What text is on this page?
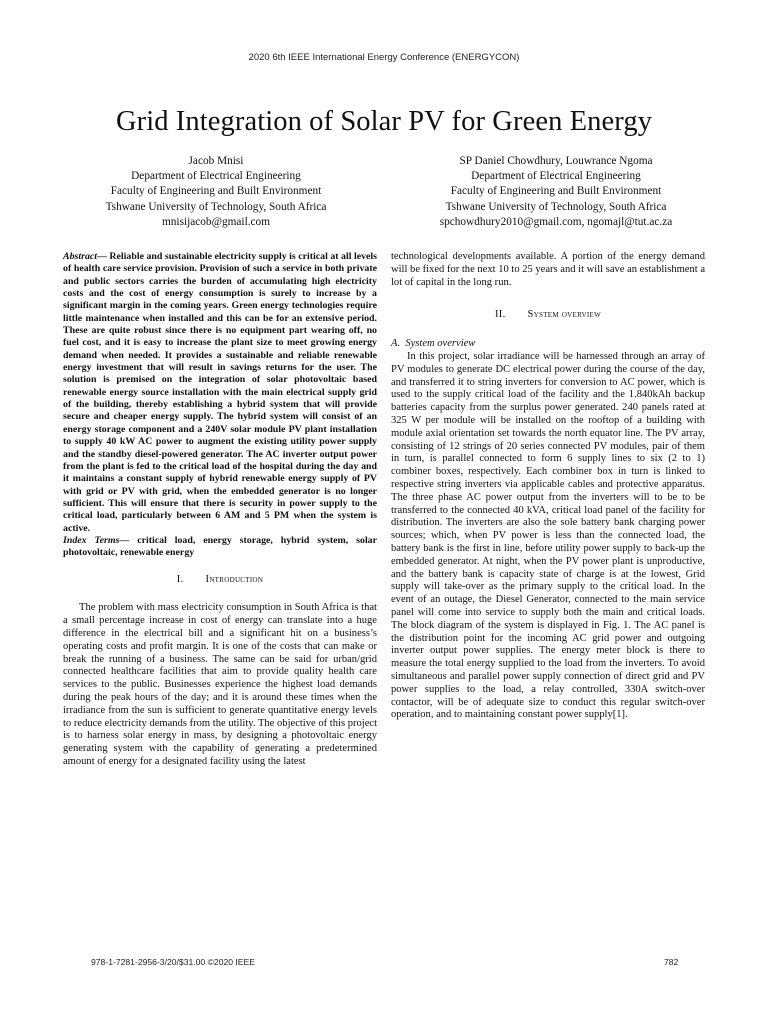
2020 6th IEEE International Energy Conference (ENERGYCON)
Grid Integration of Solar PV for Green Energy
Jacob Mnisi
Department of Electrical Engineering
Faculty of Engineering and Built Environment
Tshwane University of Technology, South Africa
mnisijacob@gmail.com
SP Daniel Chowdhury, Louwrance Ngoma
Department of Electrical Engineering
Faculty of Engineering and Built Environment
Tshwane University of Technology, South Africa
spchowdhury2010@gmail.com, ngomajl@tut.ac.za
Abstract— Reliable and sustainable electricity supply is critical at all levels of health care service provision. Provision of such a service in both private and public sectors carries the burden of accumulating high electricity costs and the cost of energy consumption is surely to increase by a significant margin in the coming years. Green energy technologies require little maintenance when installed and this can be for an extensive period. These are quite robust since there is no equipment part wearing off, no fuel cost, and it is easy to increase the plant size to meet growing energy demand when needed. It provides a sustainable and reliable renewable energy investment that will result in savings returns for the user. The solution is premised on the integration of solar photovoltaic based renewable energy source installation with the main electrical supply grid of the building, thereby establishing a hybrid system that will provide secure and cheaper energy supply. The hybrid system will consist of an energy storage component and a 240V solar module PV plant installation to supply 40 kW AC power to augment the existing utility power supply and the standby diesel-powered generator. The AC inverter output power from the plant is fed to the critical load of the hospital during the day and it maintains a constant supply of hybrid renewable energy supply of PV with grid or PV with grid, when the embedded generator is no longer sufficient. This will ensure that there is security in power supply to the critical load, particularly between 6 AM and 5 PM when the system is active.
Index Terms— critical load, energy storage, hybrid system, solar photovoltaic, renewable energy
I. Introduction

The problem with mass electricity consumption in South Africa is that a small percentage increase in cost of energy can translate into a huge difference in the electrical bill and a significant hit on a business’s operating costs and profit margin. It is one of the costs that can make or break the running of a business. The same can be said for urban/grid connected healthcare facilities that aim to provide quality health care services to the public. Businesses experience the highest load demands during the peak hours of the day; and it is around these times when the irradiance from the sun is sufficient to generate quantitative energy levels to reduce electricity demands from the utility. The objective of this project is to harness solar energy in mass, by designing a photovoltaic energy generating system with the capability of generating a predetermined amount of energy for a designated facility using the latest

technological developments available. A portion of the energy demand will be fixed for the next 10 to 25 years and it will save an establishment a lot of capital in the long run.

II. System overview
A. System overview

In this project, solar irradiance will be harnessed through an array of PV modules to generate DC electrical power during the course of the day, and transferred it to string inverters for conversion to AC power, which is used to the supply critical load of the facility and the 1.840kAh backup batteries capacity from the surplus power generated. 240 panels rated at 325 W per module will be installed on the rooftop of a building with module axial orientation set towards the north equator line. The PV array, consisting of 12 strings of 20 series connected PV modules, pair of them in turn, is parallel connected to form 6 supply lines to six (2 to 1) combiner boxes, respectively. Each combiner box in turn is linked to respective string inverters via applicable cables and protective apparatus. The three phase AC power output from the inverters will to be to be transferred to the connected 40 kVA, critical load panel of the facility for distribution. The inverters are also the sole battery bank charging power sources; which, when PV power is less than the connected load, the battery bank is the first in line, before utility power supply to back-up the embedded generator. At night, when the PV power plant is unproductive, and the battery bank is capacity state of charge is at the lowest, Grid supply will take-over as the primary supply to the critical load. In the event of an outage, the Diesel Generator, connected to the main service panel will come into service to supply both the main and critical loads. The block diagram of the system is displayed in Fig. 1. The AC panel is the distribution point for the incoming AC grid power and outgoing inverter output power supplies. The energy meter block is there to measure the total energy supplied to the load from the inverters. To avoid simultaneous and parallel power supply connection of direct grid and PV power supplies to the load, a relay controlled, 330A switch-over contactor, will be of adequate size to conduct this regular switch-over operation, and to maintaining constant power supply[1].

978-1-7281-2956-3/20/$31.00 ©2020 IEEE	782
